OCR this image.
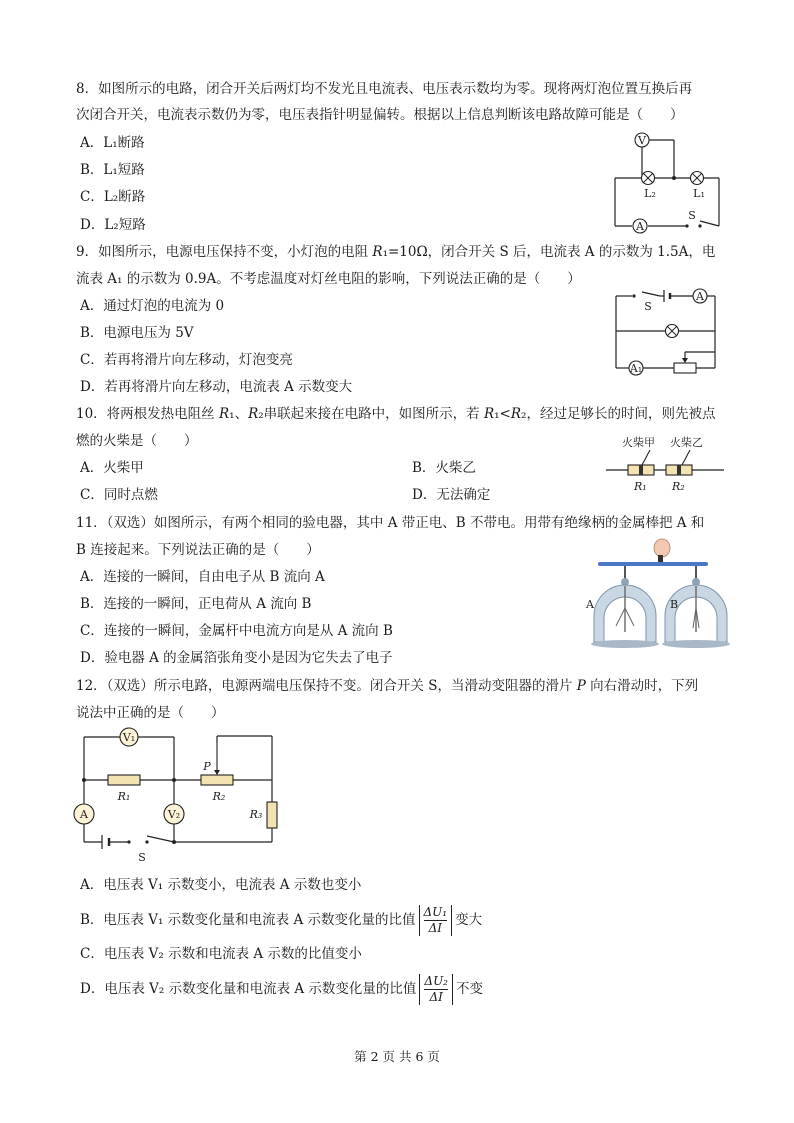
8．如图所示的电路，闭合开关后两灯均不发光且电流表、电压表示数均为零。现将两灯泡位置互换后再
次闭合开关，电流表示数仍为零，电压表指针明显偏转。根据以上信息判断该电路故障可能是（　　）
A．L₁断路
B．L₁短路
C．L₂断路
D．L₂短路
V
L₂	L₁
A
S
9．如图所示，电源电压保持不变，小灯泡的电阻 R₁=10Ω，闭合开关 S 后，电流表 A 的示数为 1.5A，电
流表 A₁ 的示数为 0.9A。不考虑温度对灯丝电阻的影响，下列说法正确的是（　　）
A．通过灯泡的电流为 0
B．电源电压为 5V
C．若再将滑片向左移动，灯泡变亮
D．若再将滑片向左移动，电流表 A 示数变大
S
A
A₁
10．将两根发热电阻丝 R₁、R₂串联起来接在电路中，如图所示，若 R₁<R₂，经过足够长的时间，则先被点
燃的火柴是（　　）
A．火柴甲	B．火柴乙
C．同时点燃	D．无法确定
火柴甲 火柴乙
R₁ R₂
11．（双选）如图所示，有两个相同的验电器，其中 A 带正电、B 不带电。用带有绝缘柄的金属棒把 A 和
B 连接起来。下列说法正确的是（　　）
A．连接的一瞬间，自由电子从 B 流向 A
B．连接的一瞬间，正电荷从 A 流向 B
C．连接的一瞬间，金属杆中电流方向是从 A 流向 B
D．验电器 A 的金属箔张角变小是因为它失去了电子
A	B
12．（双选）所示电路，电源两端电压保持不变。闭合开关 S，当滑动变阻器的滑片 P 向右滑动时，下列
说法中正确的是（　　）
V₁
R₁
P
R₂
R₃
A	V₂
S
A．电压表 V₁ 示数变小，电流表 A 示数也变小
B．电压表 V₁ 示数变化量和电流表 A 示数变化量的比值 $\frac{\text{ΔU₁}}{\Delta I}$ 变大
C．电压表 V₂ 示数和电流表 A 示数的比值变小
D．电压表 V₂ 示数变化量和电流表 A 示数变化量的比值 $\frac{\text{ΔU₂}}{\Delta I}$ 不变
第 2 页 共 6 页
